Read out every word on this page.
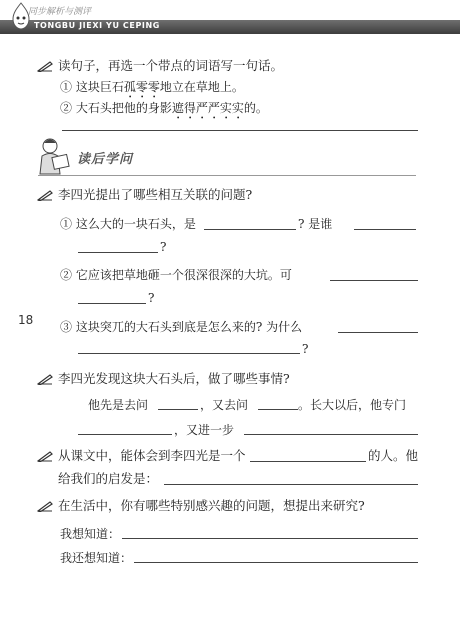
同步解析与测评
TONGBU JIEXI YU CEPING
18
读句子，再选一个带点的词语写一句话。
① 这块巨石孤零零地立在草地上。
② 大石头把他的身影遮得严严实实的。
读后学问
李四光提出了哪些相互关联的问题?
① 这么大的一块石头，是	? 是谁
?
② 它应该把草地砸一个很深很深的大坑。可
?
③ 这块突兀的大石头到底是怎么来的? 为什么
?
李四光发现这块大石头后，做了哪些事情?
他先是去问	，又去问	。长大以后，他专门
，又进一步
从课文中，能体会到李四光是一个	的人。他
给我们的启发是：
在生活中，你有哪些特别感兴趣的问题，想提出来研究?
我想知道：
我还想知道：
